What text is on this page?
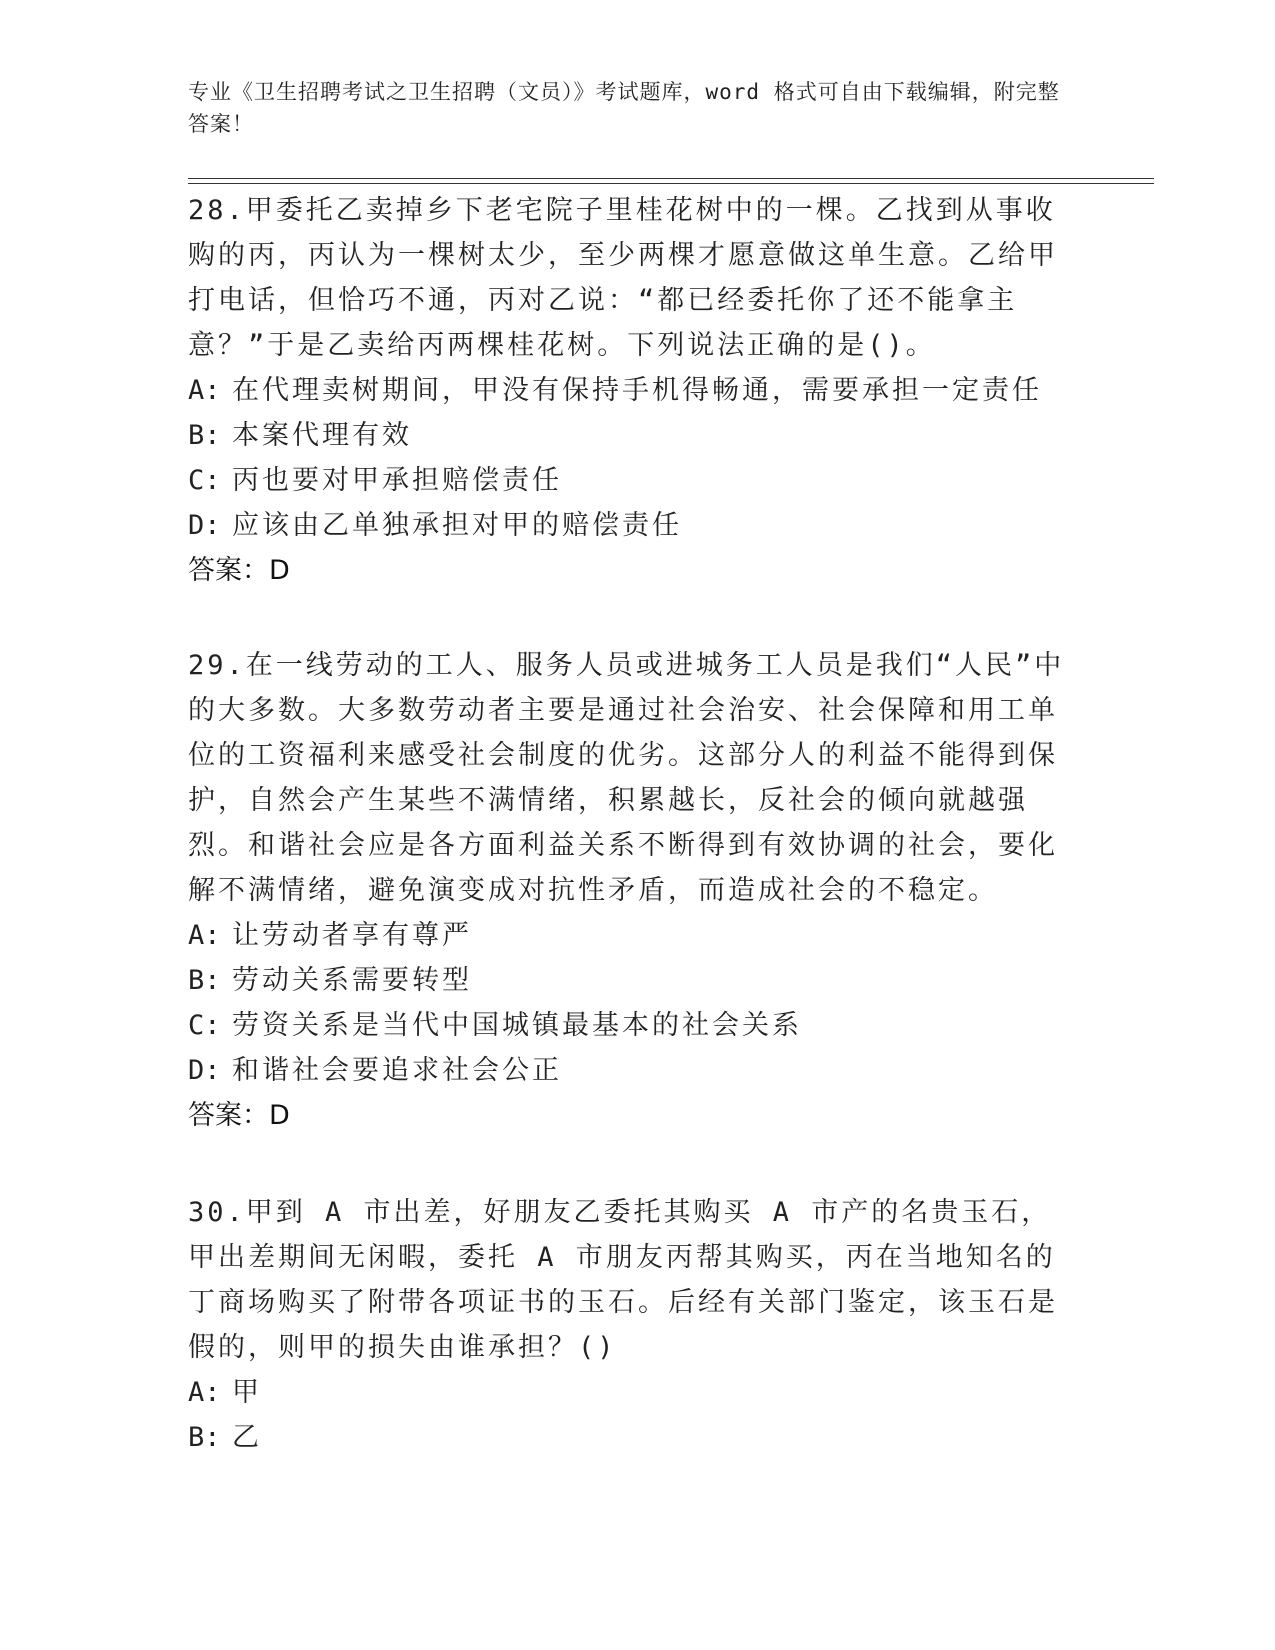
专业《卫生招聘考试之卫生招聘（文员）》考试题库，word 格式可自由下载编辑，附完整答案！

28.甲委托乙卖掉乡下老宅院子里桂花树中的一棵。乙找到从事收购的丙，丙认为一棵树太少，至少两棵才愿意做这单生意。乙给甲打电话，但恰巧不通，丙对乙说：“都已经委托你了还不能拿主意？”于是乙卖给丙两棵桂花树。下列说法正确的是()。

A: 在代理卖树期间，甲没有保持手机得畅通，需要承担一定责任

B: 本案代理有效

C: 丙也要对甲承担赔偿责任

D: 应该由乙单独承担对甲的赔偿责任

答案：D

29.在一线劳动的工人、服务人员或进城务工人员是我们“人民”中的大多数。大多数劳动者主要是通过社会治安、社会保障和用工单位的工资福利来感受社会制度的优劣。这部分人的利益不能得到保护，自然会产生某些不满情绪，积累越长，反社会的倾向就越强烈。和谐社会应是各方面利益关系不断得到有效协调的社会，要化解不满情绪，避免演变成对抗性矛盾，而造成社会的不稳定。

A: 让劳动者享有尊严

B: 劳动关系需要转型

C: 劳资关系是当代中国城镇最基本的社会关系

D: 和谐社会要追求社会公正

答案：D

30.甲到 A 市出差，好朋友乙委托其购买 A 市产的名贵玉石，甲出差期间无闲暇，委托 A 市朋友丙帮其购买，丙在当地知名的丁商场购买了附带各项证书的玉石。后经有关部门鉴定，该玉石是假的，则甲的损失由谁承担？()

A: 甲

B: 乙
